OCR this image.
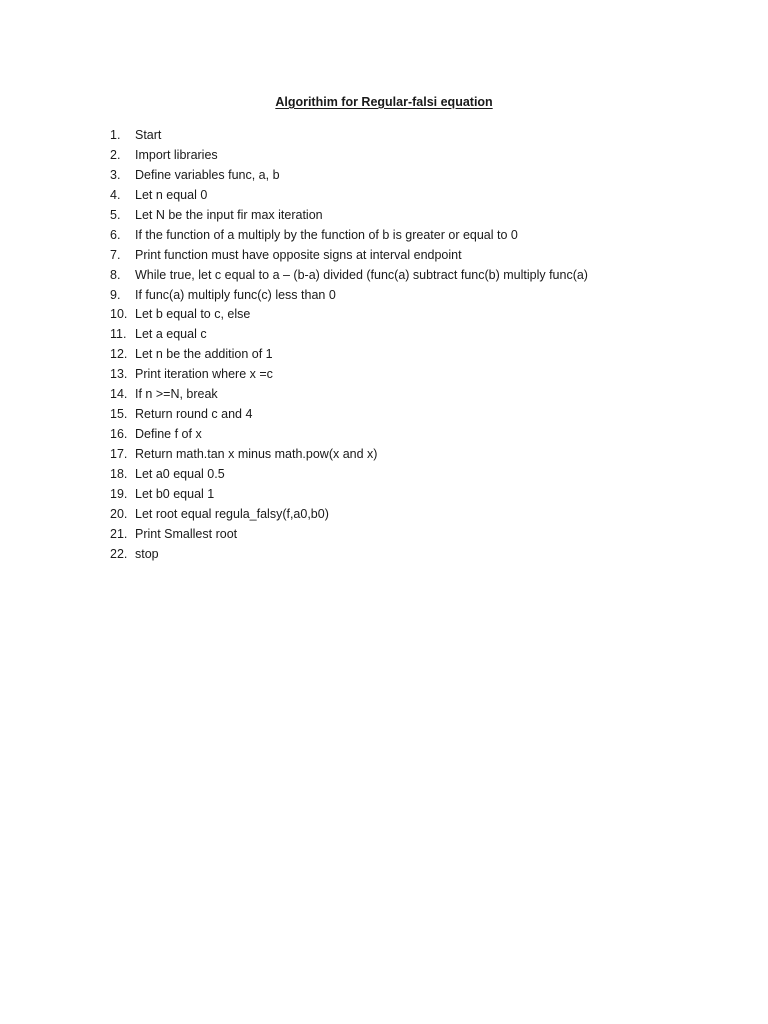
Algorithim for Regular-falsi equation
1.	Start
2.	Import libraries
3.	Define variables func, a, b
4.	Let n equal 0
5.	Let N be the input fir max iteration
6.	If the function of a multiply by the function of b is greater or equal to 0
7.	Print function must have opposite signs at interval endpoint
8.	While true, let c equal to a – (b-a) divided (func(a) subtract func(b) multiply func(a)
9.	If func(a) multiply func(c) less than 0
10. Let b equal to c, else
11. Let a equal c
12. Let n be the addition of 1
13. Print iteration where x =c
14. If n >=N, break
15. Return round c and 4
16. Define f of x
17. Return math.tan x minus math.pow(x and x)
18. Let a0 equal 0.5
19. Let b0 equal 1
20. Let root equal regula_falsy(f,a0,b0)
21. Print Smallest root
22. stop
